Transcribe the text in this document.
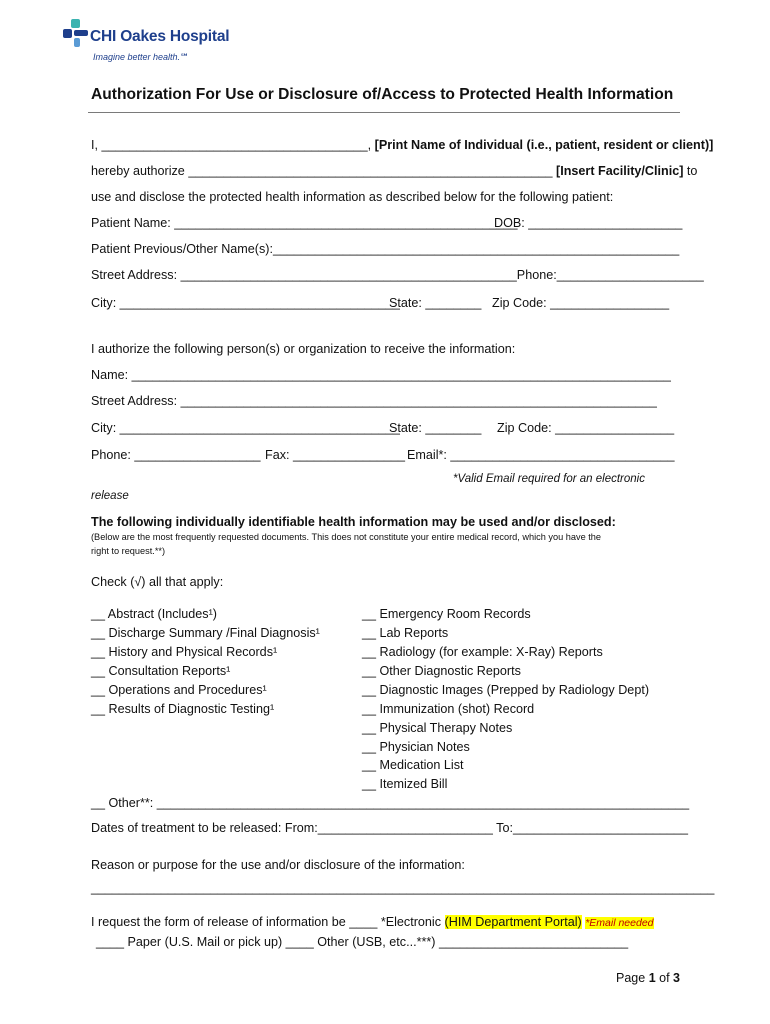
CHI Oakes Hospital
Imagine better health.℠
Authorization For Use or Disclosure of/Access to Protected Health Information
I, ______________________________________, [Print Name of Individual (i.e., patient, resident or client)]
hereby authorize ____________________________________________________ [Insert Facility/Clinic] to
use and disclose the protected health information as described below for the following patient:
Patient Name: _________________________________________________
DOB: ______________________
Patient Previous/Other Name(s):__________________________________________________________
Street Address: ________________________________________________Phone:_____________________
City: ________________________________________
State: ________ Zip Code: _________________
I authorize the following person(s) or organization to receive the information:
Name: _____________________________________________________________________________
Street Address: ____________________________________________________________________
City: ________________________________________
State: ________ Zip Code: _________________
Phone: __________________ Fax: ________________ Email*: ________________________________
*Valid Email required for an electronic
release
The following individually identifiable health information may be used and/or disclosed:
(Below are the most frequently requested documents. This does not constitute your entire medical record, which you have the
right to request.**)
Check (√) all that apply:
__ Abstract (Includes¹)
__ Discharge Summary /Final Diagnosis¹
__ History and Physical Records¹
__ Consultation Reports¹
__ Operations and Procedures¹
__ Results of Diagnostic Testing¹
__ Emergency Room Records
__ Lab Reports
__ Radiology (for example: X-Ray) Reports
__ Other Diagnostic Reports
__ Diagnostic Images (Prepped by Radiology Dept)
__ Immunization (shot) Record
__ Physical Therapy Notes
__ Physician Notes
__ Medication List
__ Itemized Bill
__ Other**: ____________________________________________________________________________
Dates of treatment to be released: From:_________________________ To:_________________________
Reason or purpose for the use and/or disclosure of the information:
_________________________________________________________________________________________
I request the form of release of information be ____ *Electronic (HIM Department Portal) *Email needed
____ Paper (U.S. Mail or pick up) ____ Other (USB, etc...***) ___________________________
Page 1 of 3
